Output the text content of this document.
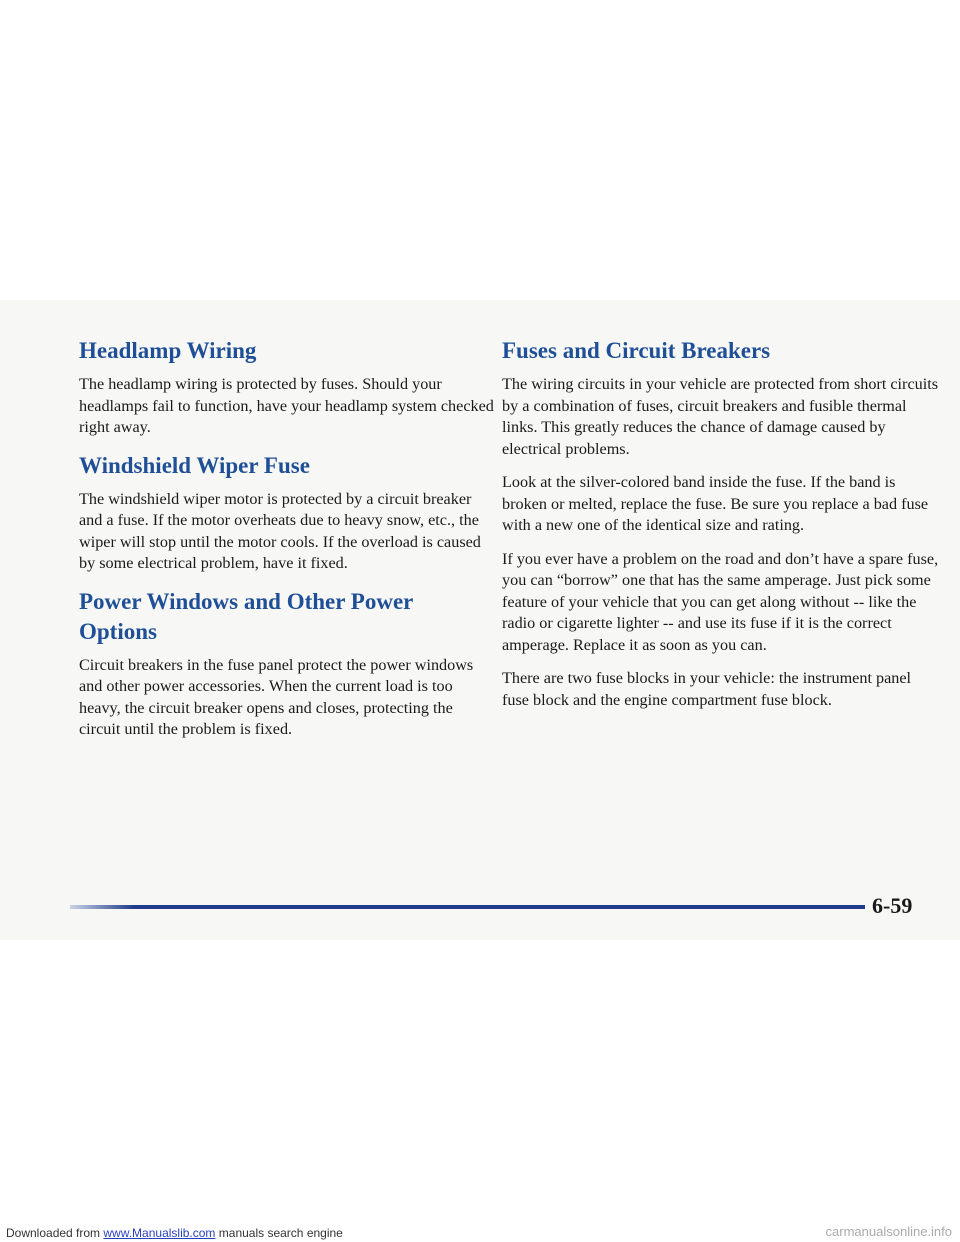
Headlamp Wiring

The headlamp wiring is protected by fuses. Should your headlamps fail to function, have your headlamp system checked right away.

Windshield Wiper Fuse

The windshield wiper motor is protected by a circuit breaker and a fuse. If the motor overheats due to heavy snow, etc., the wiper will stop until the motor cools. If the overload is caused by some electrical problem, have it fixed.

Power Windows and Other Power Options

Circuit breakers in the fuse panel protect the power windows and other power accessories. When the current load is too heavy, the circuit breaker opens and closes, protecting the circuit until the problem is fixed.

Fuses and Circuit Breakers

The wiring circuits in your vehicle are protected from short circuits by a combination of fuses, circuit breakers and fusible thermal links. This greatly reduces the chance of damage caused by electrical problems.

Look at the silver-colored band inside the fuse. If the band is broken or melted, replace the fuse. Be sure you replace a bad fuse with a new one of the identical size and rating.

If you ever have a problem on the road and don’t have a spare fuse, you can “borrow” one that has the same amperage. Just pick some feature of your vehicle that you can get along without -- like the radio or cigarette lighter -- and use its fuse if it is the correct amperage. Replace it as soon as you can.

There are two fuse blocks in your vehicle: the instrument panel fuse block and the engine compartment fuse block.

6-59
Downloaded from www.Manualslib.com manuals search engine	carmanualsonline.info
